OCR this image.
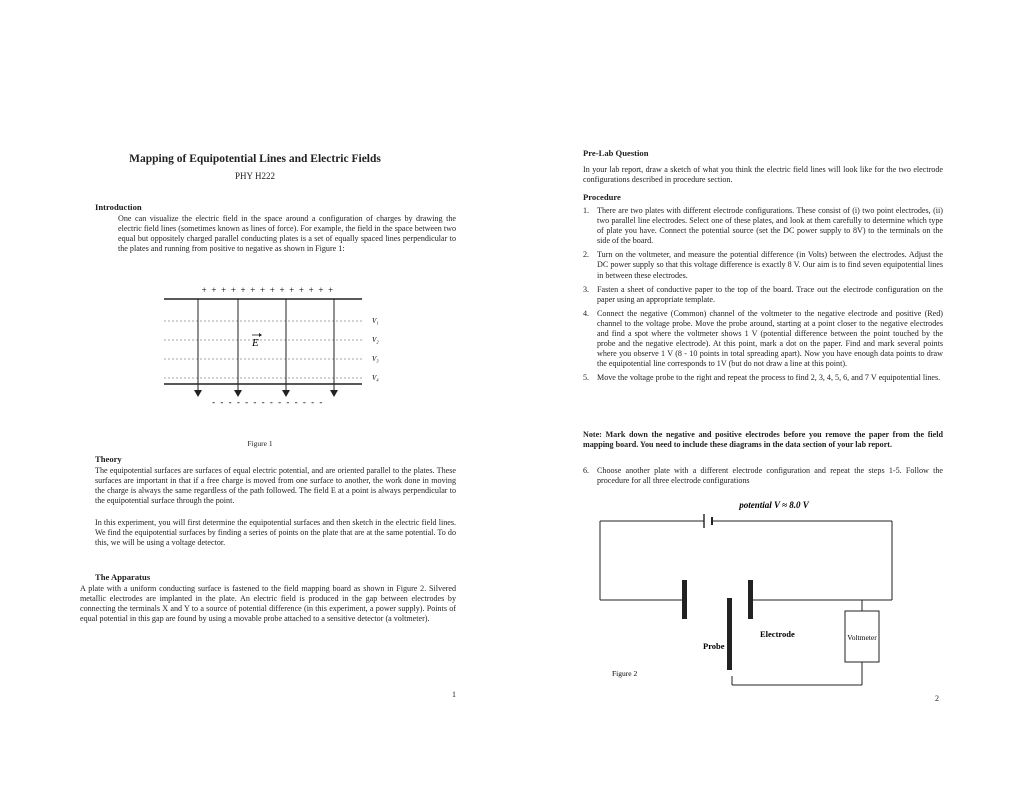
Mapping of Equipotential Lines and Electric Fields
PHY H222
Introduction
One can visualize the electric field in the space around a configuration of charges by drawing the electric field lines (sometimes known as lines of force). For example, the field in the space between two equal but oppositely charged parallel conducting plates is a set of equally spaced lines perpendicular to the plates and running from positive to negative as shown in Figure 1:
+ + + + + + + + + + + + + +
E
V₁
V₂
V₃
V₄
- - - - - - - - - - - - - -
Figure 1
Theory
The equipotential surfaces are surfaces of equal electric potential, and are oriented parallel to the plates. These surfaces are important in that if a free charge is moved from one surface to another, the work done in moving the charge is always the same regardless of the path followed. The field E at a point is always perpendicular to the equipotential surface through the point.
In this experiment, you will first determine the equipotential surfaces and then sketch in the electric field lines. We find the equipotential surfaces by finding a series of points on the plate that are at the same potential. To do this, we will be using a voltage detector.
The Apparatus
A plate with a uniform conducting surface is fastened to the field mapping board as shown in Figure 2. Silvered metallic electrodes are implanted in the plate. An electric field is produced in the gap between electrodes by connecting the terminals X and Y to a source of potential difference (in this experiment, a power supply). Points of equal potential in this gap are found by using a movable probe attached to a sensitive detector (a voltmeter).
1
Pre-Lab Question
In your lab report, draw a sketch of what you think the electric field lines will look like for the two electrode configurations described in procedure section.
Procedure
1. There are two plates with different electrode configurations. These consist of (i) two point electrodes, (ii) two parallel line electrodes. Select one of these plates, and look at them carefully to determine which type of plate you have. Connect the potential source (set the DC power supply to 8V) to the terminals on the side of the board.
2. Turn on the voltmeter, and measure the potential difference (in Volts) between the electrodes. Adjust the DC power supply so that this voltage difference is exactly 8 V. Our aim is to find seven equipotential lines in between these electrodes.
3. Fasten a sheet of conductive paper to the top of the board. Trace out the electrode configuration on the paper using an appropriate template.
4. Connect the negative (Common) channel of the voltmeter to the negative electrode and positive (Red) channel to the voltage probe. Move the probe around, starting at a point closer to the negative electrodes and find a spot where the voltmeter shows 1 V (potential difference between the point touched by the probe and the negative electrode). At this point, mark a dot on the paper. Find and mark several points where you observe 1 V (8 - 10 points in total spreading apart). Now you have enough data points to draw the equipotential line corresponds to 1V (but do not draw a line at this point).
5. Move the voltage probe to the right and repeat the process to find 2, 3, 4, 5, 6, and 7 V equipotential lines.
Note: Mark down the negative and positive electrodes before you remove the paper from the field mapping board. You need to include these diagrams in the data section of your lab report.
6. Choose another plate with a different electrode configuration and repeat the steps 1-5. Follow the procedure for all three electrode configurations
potential V ≈ 8.0 V
Voltmeter
Probe
Electrode
Figure 2
2
